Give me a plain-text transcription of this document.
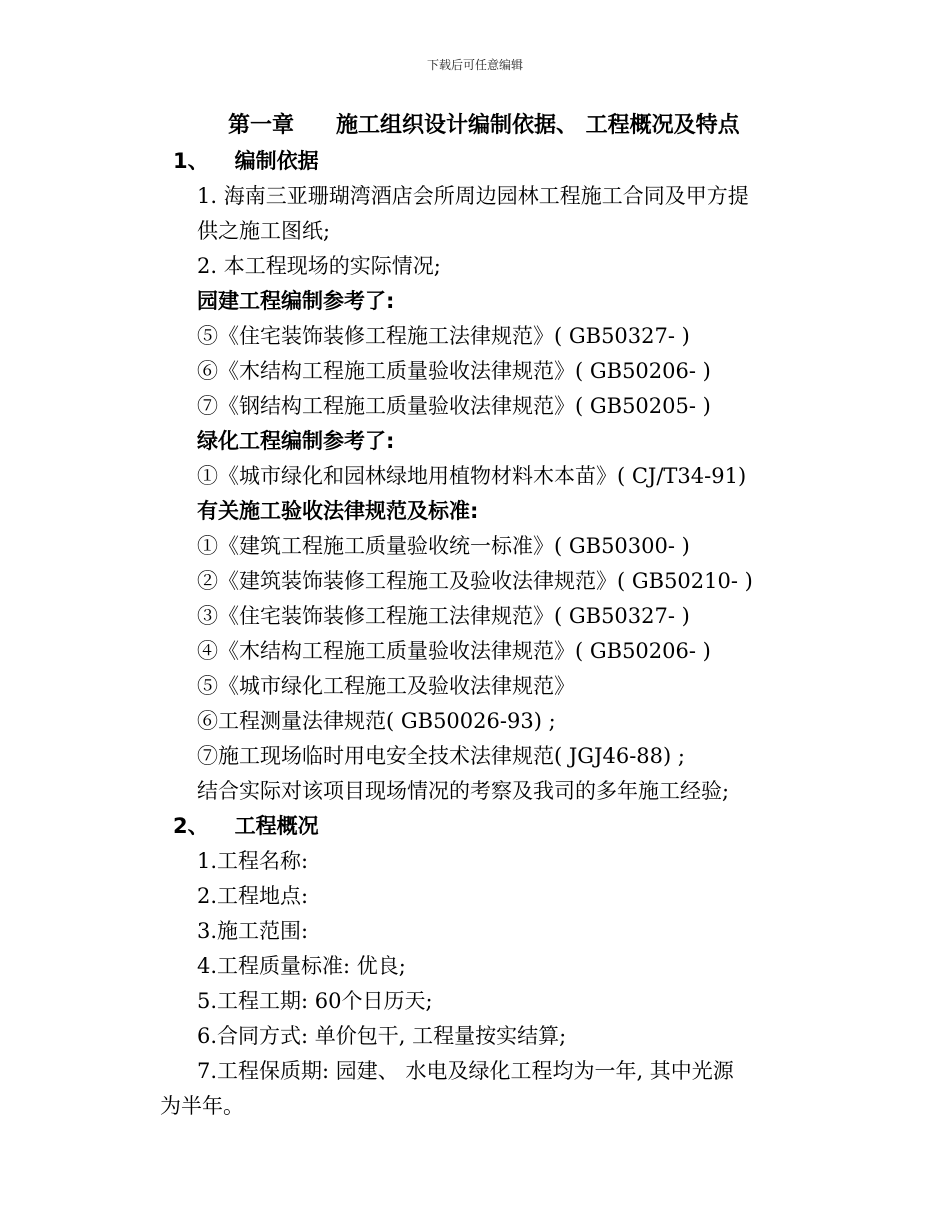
下载后可任意编辑
第一章 施工组织设计编制依据、 工程概况及特点
1、 编制依据
1. 海南三亚珊瑚湾酒店会所周边园林工程施工合同及甲方提
供之施工图纸;
2. 本工程现场的实际情况;
园建工程编制参考了:
⑤《住宅装饰装修工程施工法律规范》( GB50327- )
⑥《木结构工程施工质量验收法律规范》( GB50206- )
⑦《钢结构工程施工质量验收法律规范》( GB50205- )
绿化工程编制参考了:
①《城市绿化和园林绿地用植物材料木本苗》( CJ/T34-91)
有关施工验收法律规范及标准:
①《建筑工程施工质量验收统一标准》( GB50300- )
②《建筑装饰装修工程施工及验收法律规范》( GB50210- )
③《住宅装饰装修工程施工法律规范》( GB50327- )
④《木结构工程施工质量验收法律规范》( GB50206- )
⑤《城市绿化工程施工及验收法律规范》
⑥工程测量法律规范( GB50026-93) ;
⑦施工现场临时用电安全技术法律规范( JGJ46-88) ;
结合实际对该项目现场情况的考察及我司的多年施工经验;
2、 工程概况
1.工程名称:
2.工程地点:
3.施工范围:
4.工程质量标准: 优良;
5.工程工期: 60个日历天;
6.合同方式: 单价包干, 工程量按实结算;
7.工程保质期: 园建、 水电及绿化工程均为一年, 其中光源
为半年。
